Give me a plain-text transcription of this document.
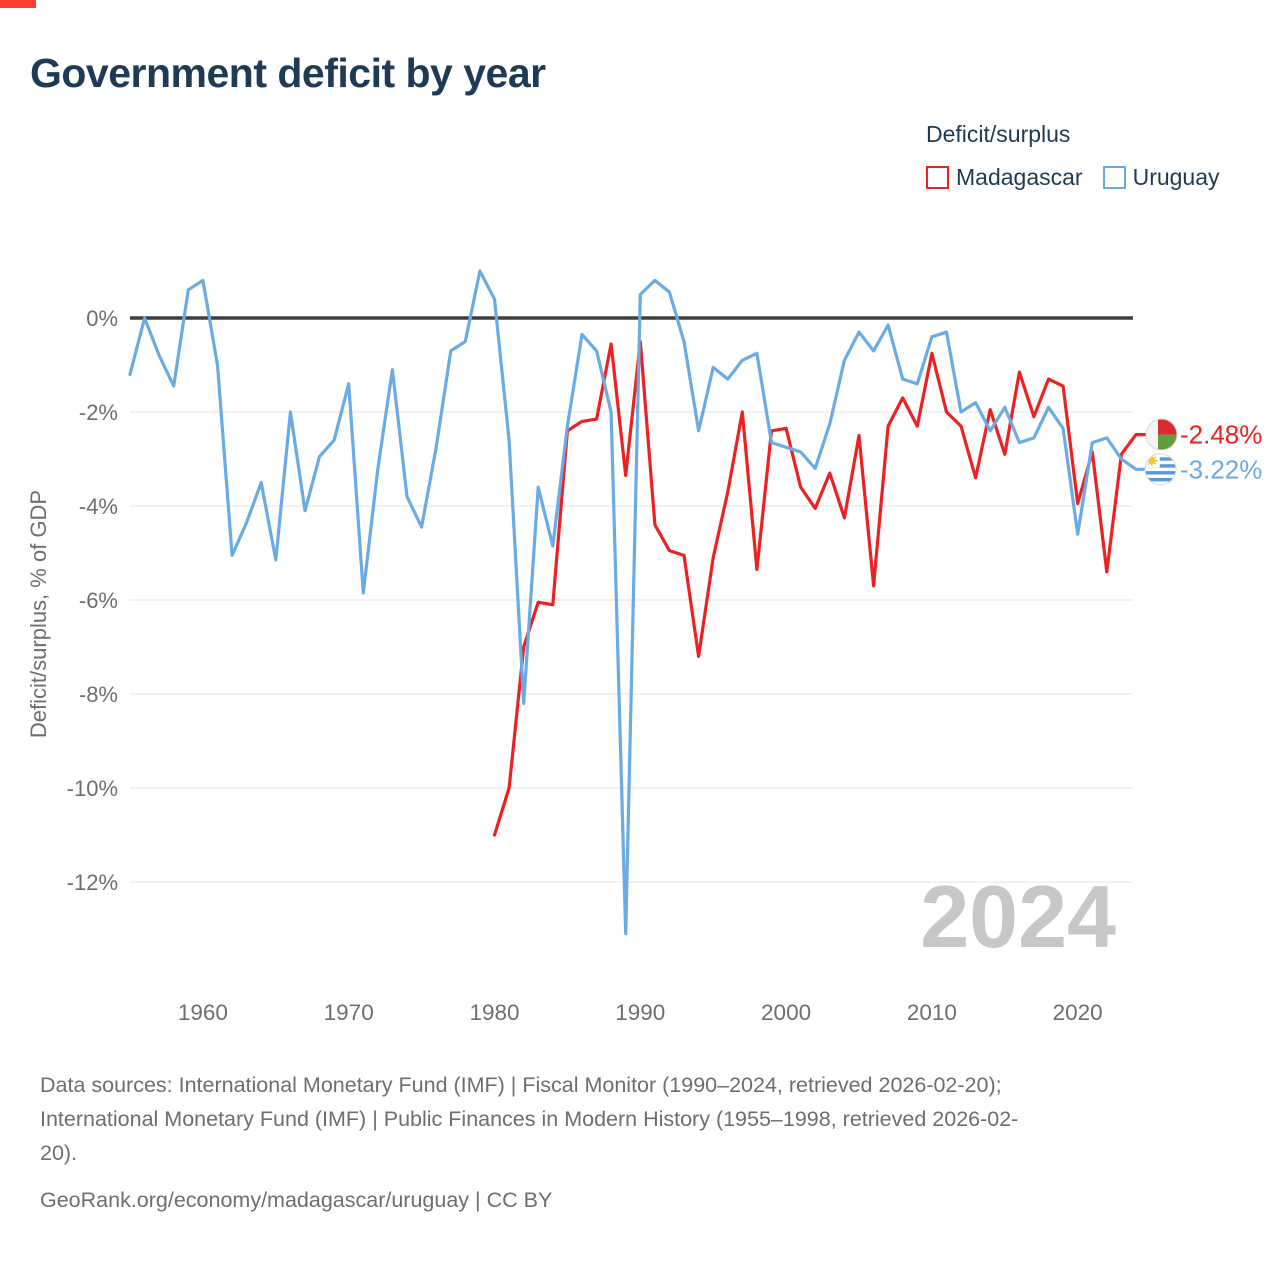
Government deficit by year
Deficit/surplus
Madagascar Uruguay
0%
-2%
-4%
-6%
-8%
-10%
-12%	2024
1960	1970	1980	1990	2000	2010	2020
Deficit/surplus, % of GDP
-2.48%
-3.22%
Data sources: International Monetary Fund (IMF) | Fiscal Monitor (1990–2024, retrieved 2026-02-20);
International Monetary Fund (IMF) | Public Finances in Modern History (1955–1998, retrieved 2026-02-
20).
GeoRank.org/economy/madagascar/uruguay | CC BY
